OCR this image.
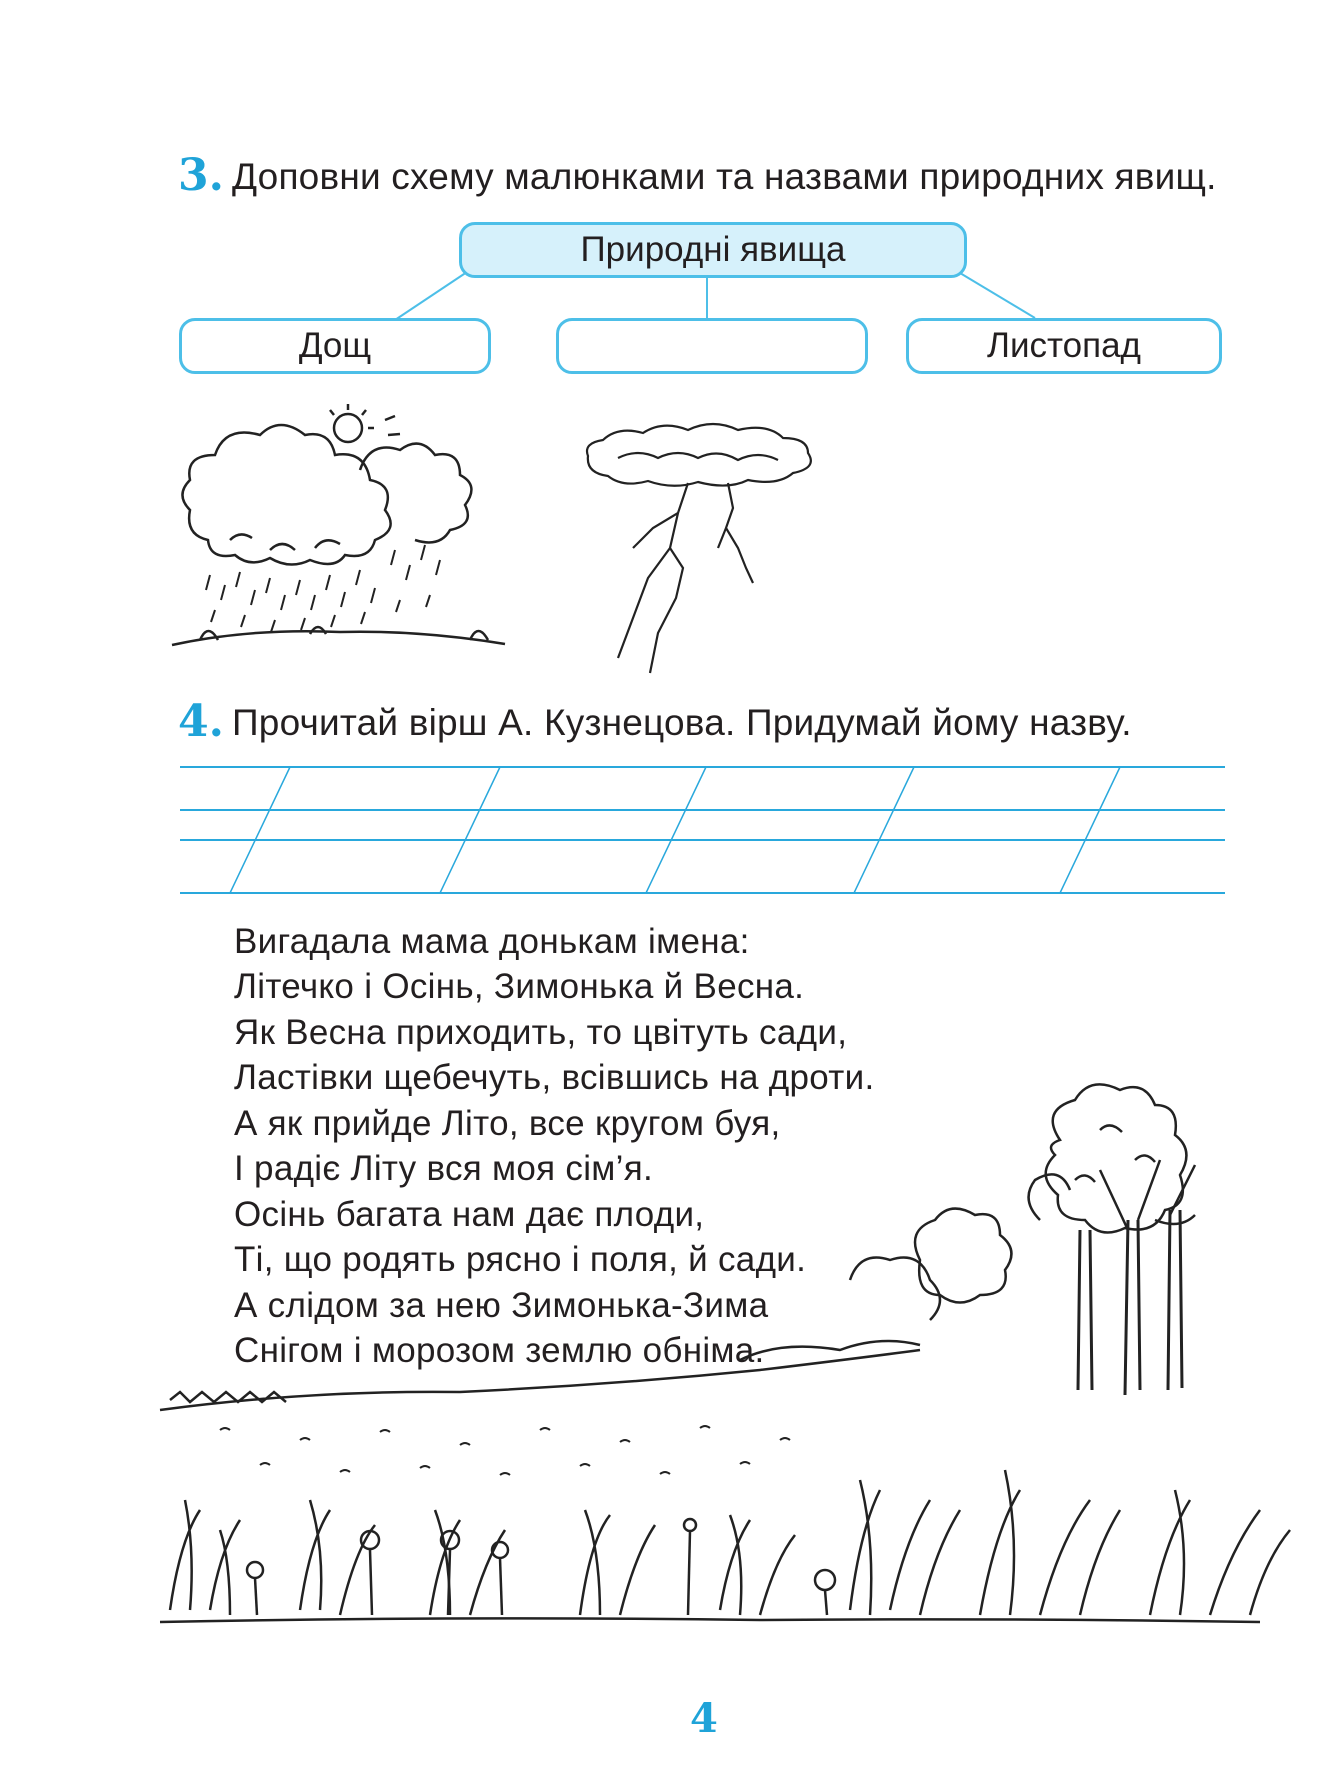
3. Доповни схему малюнками та назвами природних явищ.
Природні явища
Дощ	Листопад
4. Прочитай вірш А. Кузнецова. Придумай йому назву.
Вигадала мама донькам імена:
Літечко і Осінь, Зимонька й Весна.
Як Весна приходить, то цвітуть сади,
Ластівки щебечуть, всівшись на дроти.
А як прийде Літо, все кругом буя,
І радіє Літу вся моя сім’я.
Осінь багата нам дає плоди,
Ті, що родять рясно і поля, й сади.
А слідом за нею Зимонька-Зима
Снігом і морозом землю обніма.
4
